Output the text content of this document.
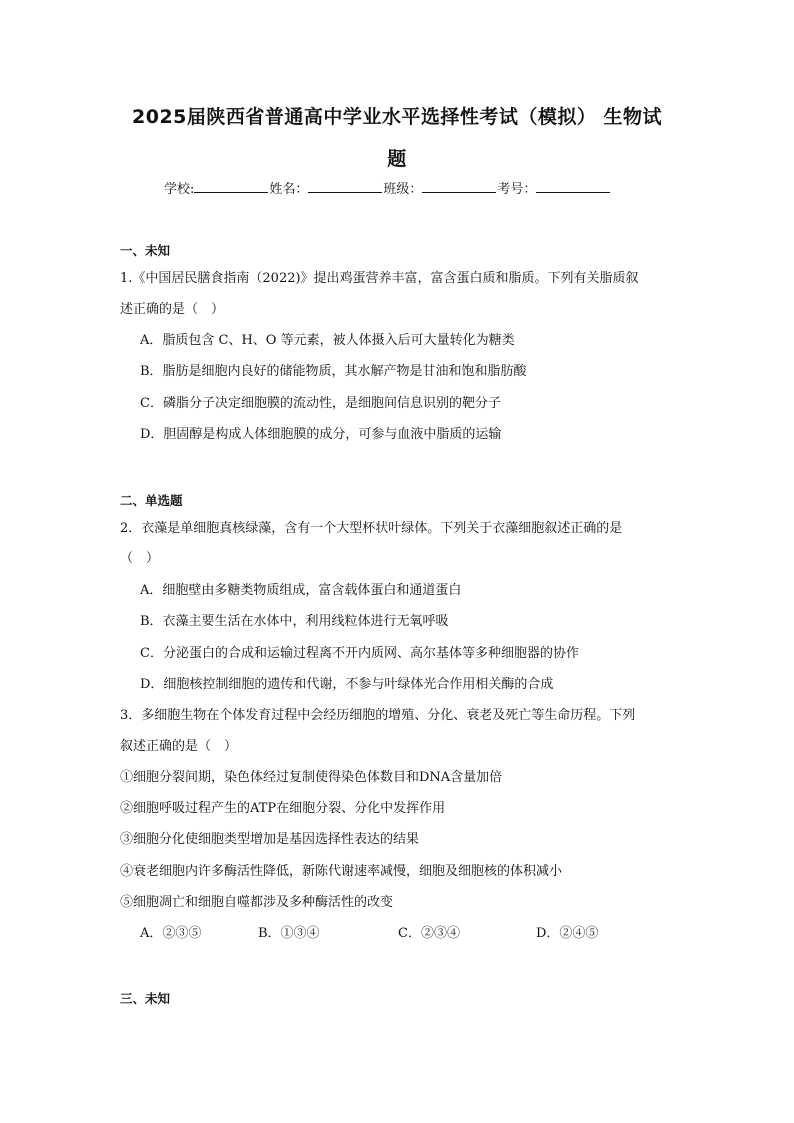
2025届陕西省普通高中学业水平选择性考试（模拟） 生物试
题
学校:	姓名：	班级：	考号：
一、未知
1.《中国居民膳食指南（2022)》提出鸡蛋营养丰富，富含蛋白质和脂质。下列有关脂质叙
述正确的是（　）
A．脂质包含 C、H、O 等元素，被人体摄入后可大量转化为糖类
B．脂肪是细胞内良好的储能物质，其水解产物是甘油和饱和脂肪酸
C．磷脂分子决定细胞膜的流动性，是细胞间信息识别的靶分子
D．胆固醇是构成人体细胞膜的成分，可参与血液中脂质的运输
二、单选题
2．衣藻是单细胞真核绿藻，含有一个大型杯状叶绿体。下列关于衣藻细胞叙述正确的是
（　）
A．细胞壁由多糖类物质组成，富含载体蛋白和通道蛋白
B．衣藻主要生活在水体中，利用线粒体进行无氧呼吸
C．分泌蛋白的合成和运输过程离不开内质网、高尔基体等多种细胞器的协作
D．细胞核控制细胞的遗传和代谢，不参与叶绿体光合作用相关酶的合成
3．多细胞生物在个体发育过程中会经历细胞的增殖、分化、衰老及死亡等生命历程。下列
叙述正确的是（　）
①细胞分裂间期，染色体经过复制使得染色体数目和DNA含量加倍
②细胞呼吸过程产生的ATP在细胞分裂、分化中发挥作用
③细胞分化使细胞类型增加是基因选择性表达的结果
④衰老细胞内许多酶活性降低，新陈代谢速率减慢，细胞及细胞核的体积减小
⑤细胞凋亡和细胞自噬都涉及多种酶活性的改变
A．②③⑤	B．①③④	C．②③④	D．②④⑤
三、未知
